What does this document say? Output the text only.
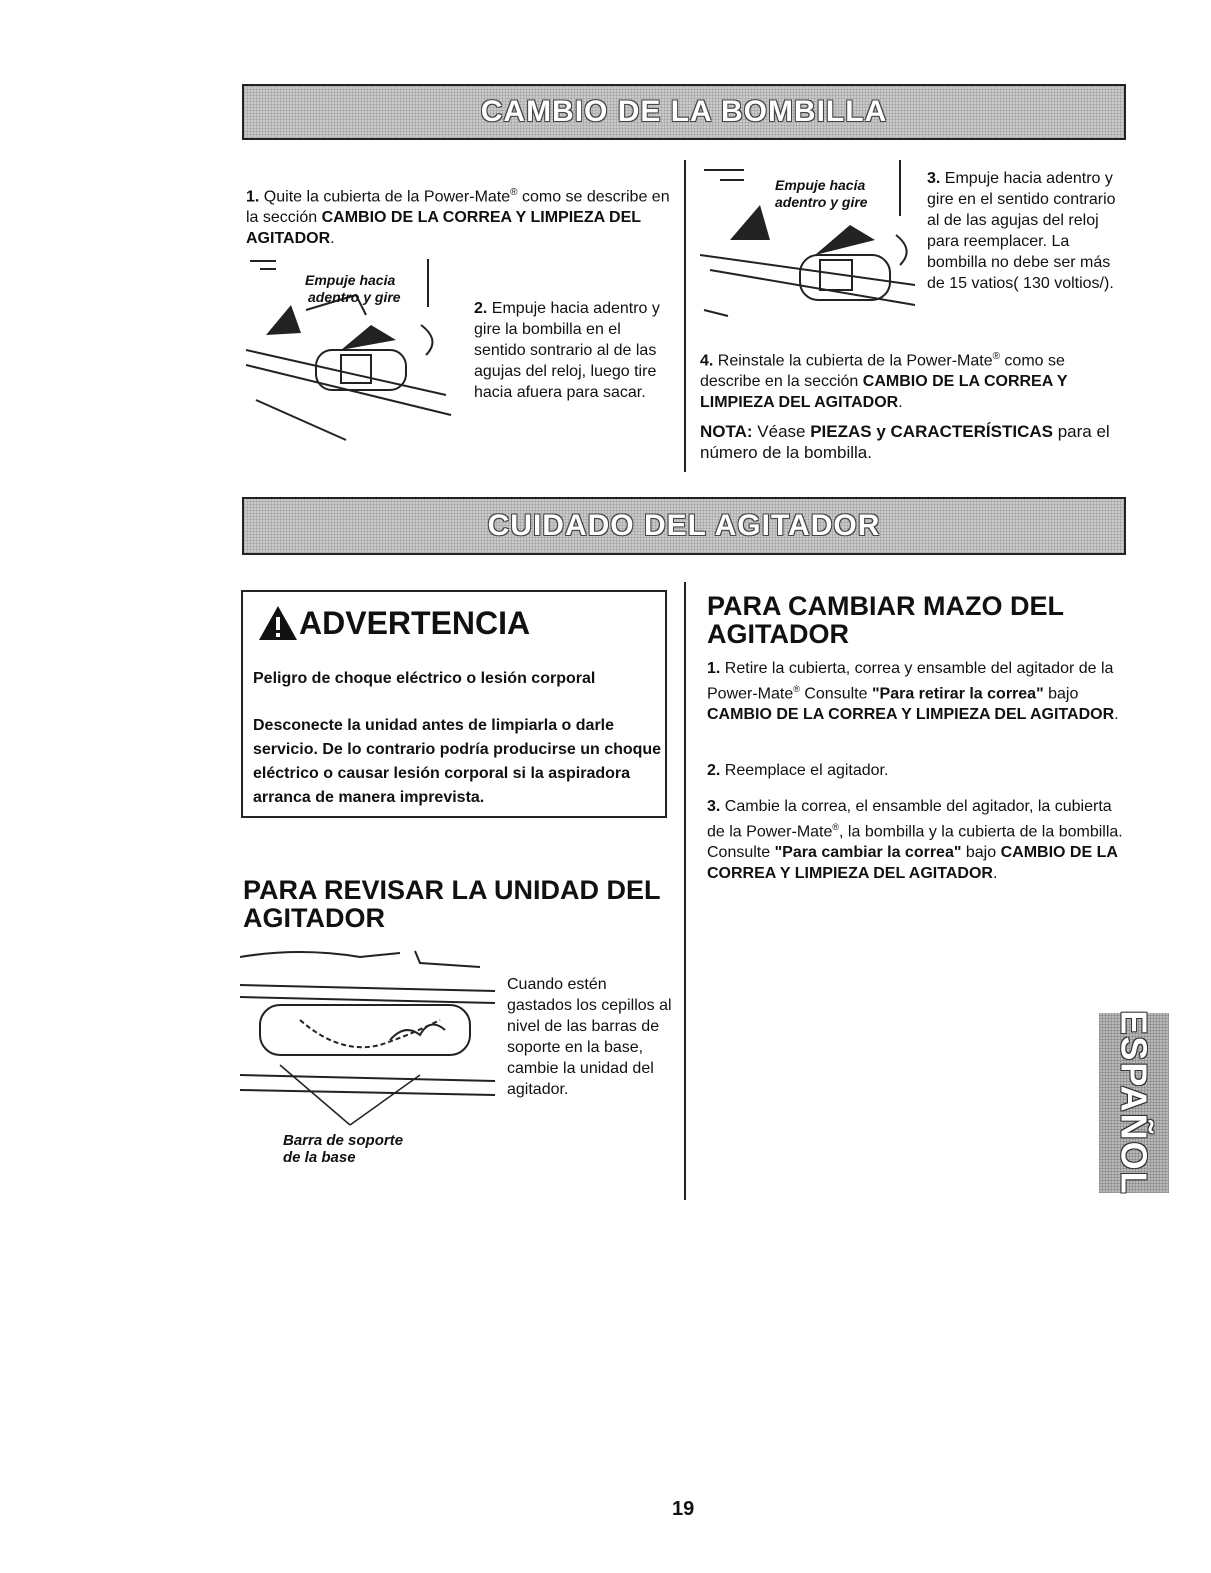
CAMBIO DE LA BOMBILLA
1. Quite la cubierta de la Power-Mate® como se describe en la sección CAMBIO DE LA CORREA Y LIMPIEZA DEL AGITADOR.
Empuje hacia
adentro y gire
2. Empuje hacia adentro y gire la bombilla en el sentido sontrario al de las agujas del reloj, luego tire hacia afuera para sacar.
Empuje hacia
adentro y gire
3. Empuje hacia adentro y gire en el sentido contrario al de las agujas del reloj para reemplacer. La bombilla no debe ser más de 15 vatios( 130 voltios/).
4. Reinstale la cubierta de la Power-Mate® como se describe en la sección CAMBIO DE LA CORREA Y LIMPIEZA DEL AGITADOR.
NOTA: Véase PIEZAS y CARACTERÍSTICAS para el número de la bombilla.
CUIDADO DEL AGITADOR
ADVERTENCIA
Peligro de choque eléctrico o lesión corporal
Desconecte la unidad antes de limpiarla o darle servicio. De lo contrario podría producirse un choque eléctrico o causar lesión corporal si la aspiradora arranca de manera imprevista.
PARA REVISAR LA UNIDAD DEL AGITADOR
Barra de soporte
de la base
Cuando estén gastados los cepillos al nivel de las barras de soporte en la base, cambie la unidad del agitador.
PARA CAMBIAR MAZO DEL AGITADOR
1. Retire la cubierta, correa y ensamble del agitador de la Power-Mate® Consulte "Para retirar la correa" bajo CAMBIO DE LA CORREA Y LIMPIEZA DEL AGITADOR.
2. Reemplace el agitador.
3. Cambie la correa, el ensamble del agitador, la cubierta de la Power-Mate®, la bombilla y la cubierta de la bombilla. Consulte "Para cambiar la correa" bajo CAMBIO DE LA CORREA Y LIMPIEZA DEL AGITADOR.
ESPAÑOL
19
